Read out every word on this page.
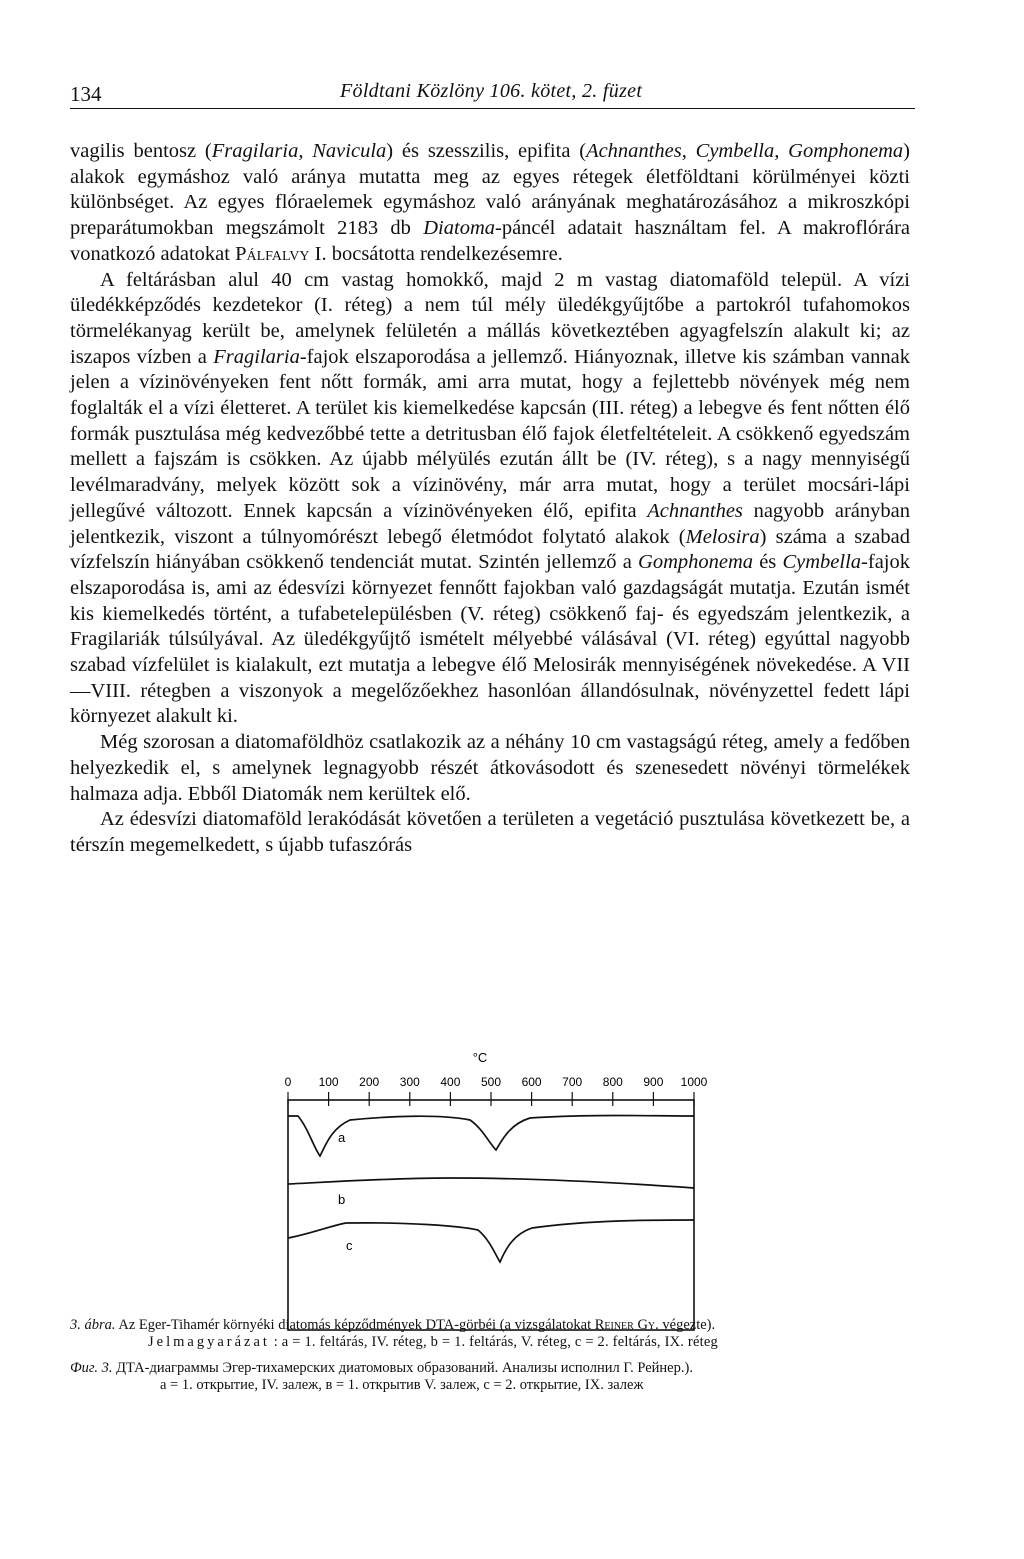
134	Földtani Közlöny 106. kötet, 2. füzet

vagilis bentosz (Fragilaria, Navicula) és szesszilis, epifita (Achnanthes, Cymbella, Gomphonema) alakok egymáshoz való aránya mutatta meg az egyes rétegek életföldtani körülményei közti különbséget. Az egyes flóraelemek egymáshoz való arányának meghatározásához a mikroszkópi preparátumokban megszámolt 2183 db Diatoma-páncél adatait használtam fel. A makroflórára vonatkozó adatokat Pálfalvy I. bocsátotta rendelkezésemre.

A feltárásban alul 40 cm vastag homokkő, majd 2 m vastag diatomaföld települ. A vízi üledékképződés kezdetekor (I. réteg) a nem túl mély üledékgyűjtőbe a partokról tufahomokos törmelékanyag került be, amelynek felületén a mállás következtében agyagfelszín alakult ki; az iszapos vízben a Fragilaria-fajok elszaporodása a jellemző. Hiányoznak, illetve kis számban vannak jelen a vízinövényeken fent nőtt formák, ami arra mutat, hogy a fejlettebb növények még nem foglalták el a vízi életteret. A terület kis kiemelkedése kapcsán (III. réteg) a lebegve és fent nőtten élő formák pusztulása még kedvezőbbé tette a detritusban élő fajok életfeltételeit. A csökkenő egyedszám mellett a fajszám is csökken. Az újabb mélyülés ezután állt be (IV. réteg), s a nagy mennyiségű levélmaradvány, melyek között sok a vízinövény, már arra mutat, hogy a terület mocsári-lápi jellegűvé változott. Ennek kapcsán a vízinövényeken élő, epifita Achnanthes nagyobb arányban jelentkezik, viszont a túlnyomórészt lebegő életmódot folytató alakok (Melosira) száma a szabad vízfelszín hiányában csökkenő tendenciát mutat. Szintén jellemző a Gomphonema és Cymbella-fajok elszaporodása is, ami az édesvízi környezet fennőtt fajokban való gazdagságát mutatja. Ezután ismét kis kiemelkedés történt, a tufabetelepülésben (V. réteg) csökkenő faj- és egyedszám jelentkezik, a Fragilariák túlsúlyával. Az üledékgyűjtő ismételt mélyebbé válásával (VI. réteg) egyúttal nagyobb szabad vízfelület is kialakult, ezt mutatja a lebegve élő Melosirák mennyiségének növekedése. A VII—VIII. rétegben a viszonyok a megelőzőekhez hasonlóan állandósulnak, növényzettel fedett lápi környezet alakult ki.

Még szorosan a diatomaföldhöz csatlakozik az a néhány 10 cm vastagságú réteg, amely a fedőben helyezkedik el, s amelynek legnagyobb részét átkovásodott és szenesedett növényi törmelékek halmaza adja. Ebből Diatomák nem kerültek elő.

Az édesvízi diatomaföld lerakódását követően a területen a vegetáció pusztulása következett be, a térszín megemelkedett, s újabb tufaszórás

°C
0 100 200 300 400 500 600 700 800 900 1000
a
b
c
3. ábra. Az Eger-Tihamér környéki diatomás képződmények DTA-görbéi (a vizsgálatokat Reiner Gy. végezte).
Jelmagyarázat : a = 1. feltárás, IV. réteg, b = 1. feltárás, V. réteg, c = 2. feltárás, IX. réteg
Фиг. 3. ДТА-диаграммы Эгер-тихамерских диатомовых образований. Анализы исполнил Г. Рейнер.).
a = 1. открытие, IV. залеж, в = 1. открытив V. залеж, с = 2. открытие, IX. залеж
